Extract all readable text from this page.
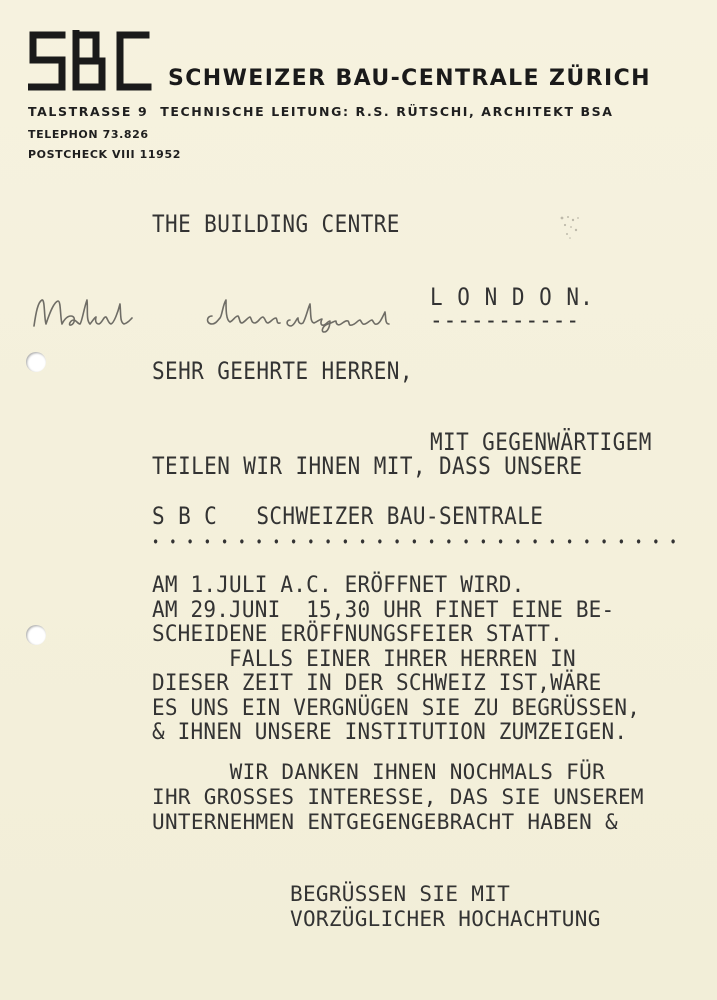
SCHWEIZER BAU-CENTRALE ZÜRICH
TALSTRASSE 9 TECHNISCHE LEITUNG: R.S. RÜTSCHI, ARCHITEKT BSA
TELEPHON 73.826
POSTCHECK VIII 11952
THE BUILDING CENTRE
L O N D O N.
-----------
SEHR GEEHRTE HERREN,
MIT GEGENWÄRTIGEM
TEILEN WIR IHNEN MIT, DASS UNSERE
S B C   SCHWEIZER BAU-SENTRALE
• • • • • • • • • • • • • • • • • • • • • • • • • • • • • • •
AM 1.JULI A.C. ERÖFFNET WIRD.
AM 29.JUNI  15,30 UHR FINET EINE BE-
SCHEIDENE ERÖFFNUNGSFEIER STATT.
FALLS EINER IHRER HERREN IN
DIESER ZEIT IN DER SCHWEIZ IST,WÄRE
ES UNS EIN VERGNÜGEN SIE ZU BEGRÜSSEN,
& IHNEN UNSERE INSTITUTION ZUMZEIGEN.
WIR DANKEN IHNEN NOCHMALS FÜR
IHR GROSSES INTERESSE, DAS SIE UNSEREM
UNTERNEHMEN ENTGEGENGEBRACHT HABEN &
BEGRÜSSEN SIE MIT
VORZÜGLICHER HOCHACHTUNG
